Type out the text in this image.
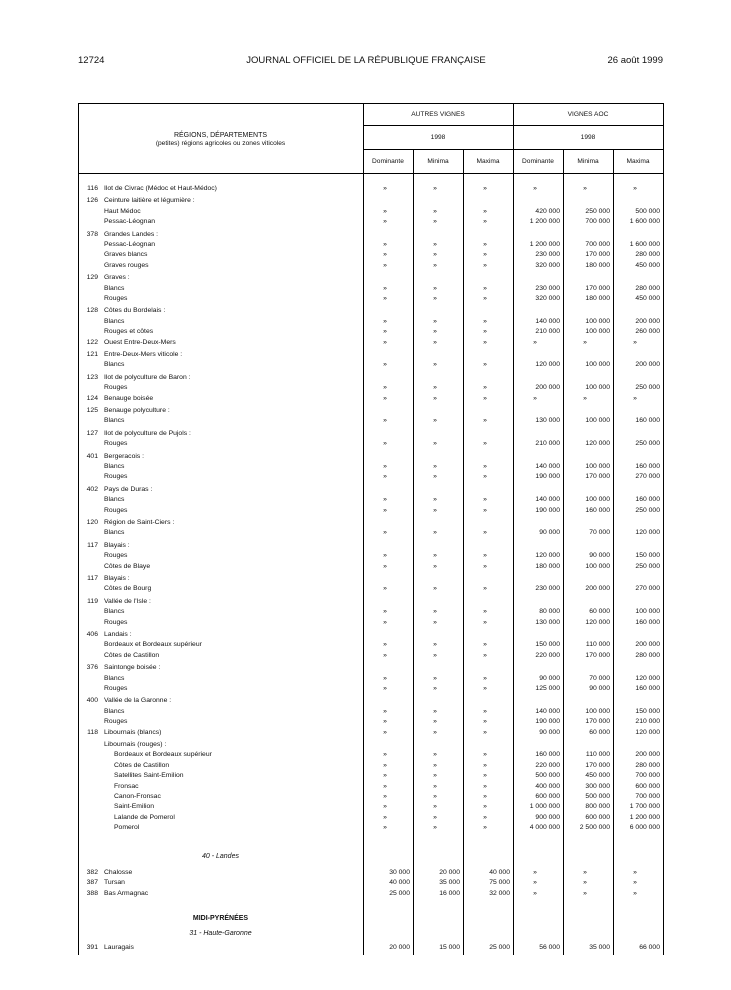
12724	JOURNAL OFFICIEL DE LA RÉPUBLIQUE FRANÇAISE	26 août 1999
RÉGIONS, DÉPARTEMENTS
(petites) régions agricoles ou zones viticoles
AUTRES VIGNES	VIGNES AOC
1998	1998
Dominante	Minima	Maxima	Dominante	Minima	Maxima
116 Ilot de Civrac (Médoc et Haut-Médoc)	»	»	»	»	»	»
126 Ceinture laitière et légumière :
Haut Médoc	»	»	»	420 000	250 000	500 000
Pessac-Léognan	»	»	»	1 200 000	700 000	1 600 000
378 Grandes Landes :
Pessac-Léognan	»	»	»	1 200 000	700 000	1 600 000
Graves blancs	»	»	»	230 000	170 000	280 000
Graves rouges	»	»	»	320 000	180 000	450 000
129 Graves :
Blancs	»	»	»	230 000	170 000	280 000
Rouges	»	»	»	320 000	180 000	450 000
128 Côtes du Bordelais :
Blancs	»	»	»	140 000	100 000	200 000
Rouges et côtes	»	»	»	210 000	100 000	260 000
122 Ouest Entre-Deux-Mers	»	»	»	»	»	»
121 Entre-Deux-Mers viticole :
Blancs	»	»	»	120 000	100 000	200 000
123 Ilot de polyculture de Baron :
Rouges	»	»	»	200 000	100 000	250 000
124 Benauge boisée	»	»	»	»	»	»
125 Benauge polyculture :
Blancs	»	»	»	130 000	100 000	160 000
127 Ilot de polyculture de Pujols :
Rouges	»	»	»	210 000	120 000	250 000
401 Bergeracois :
Blancs	»	»	»	140 000	100 000	160 000
Rouges	»	»	»	190 000	170 000	270 000
402 Pays de Duras :
Blancs	»	»	»	140 000	100 000	160 000
Rouges	»	»	»	190 000	160 000	250 000
120 Région de Saint-Ciers :
Blancs	»	»	»	90 000	70 000	120 000
117 Blayais :
Rouges	»	»	»	120 000	90 000	150 000
Côtes de Blaye	»	»	»	180 000	100 000	250 000
117 Blayais :
Côtes de Bourg	»	»	»	230 000	200 000	270 000
119 Vallée de l'Isle :
Blancs	»	»	»	80 000	60 000	100 000
Rouges	»	»	»	130 000	120 000	160 000
406 Landais :
Bordeaux et Bordeaux supérieur	»	»	»	150 000	110 000	200 000
Côtes de Castillon	»	»	»	220 000	170 000	280 000
376 Saintonge boisée :
Blancs	»	»	»	90 000	70 000	120 000
Rouges	»	»	»	125 000	90 000	160 000
400 Vallée de la Garonne :
Blancs	»	»	»	140 000	100 000	150 000
Rouges	»	»	»	190 000	170 000	210 000
118 Libournais (blancs)	»	»	»	90 000	60 000	120 000
Libournais (rouges) :
Bordeaux et Bordeaux supérieur	»	»	»	160 000	110 000	200 000
Côtes de Castillon	»	»	»	220 000	170 000	280 000
Satellites Saint-Emilion	»	»	»	500 000	450 000	700 000
Fronsac	»	»	»	400 000	300 000	600 000
Canon-Fronsac	»	»	»	600 000	500 000	700 000
Saint-Emilion	»	»	»	1 000 000	800 000	1 700 000
Lalande de Pomerol	»	»	»	900 000	600 000	1 200 000
Pomerol	»	»	»	4 000 000	2 500 000	6 000 000
382 Chalosse	30 000	20 000	40 000	»	»	»
387 Tursan	40 000	35 000	75 000	»	»	»
388 Bas Armagnac	25 000	16 000	32 000	»	»	»
391 Lauragais	20 000	15 000	25 000	56 000	35 000	66 000
40 - Landes
MIDI-PYRÉNÉES
31 - Haute-Garonne
